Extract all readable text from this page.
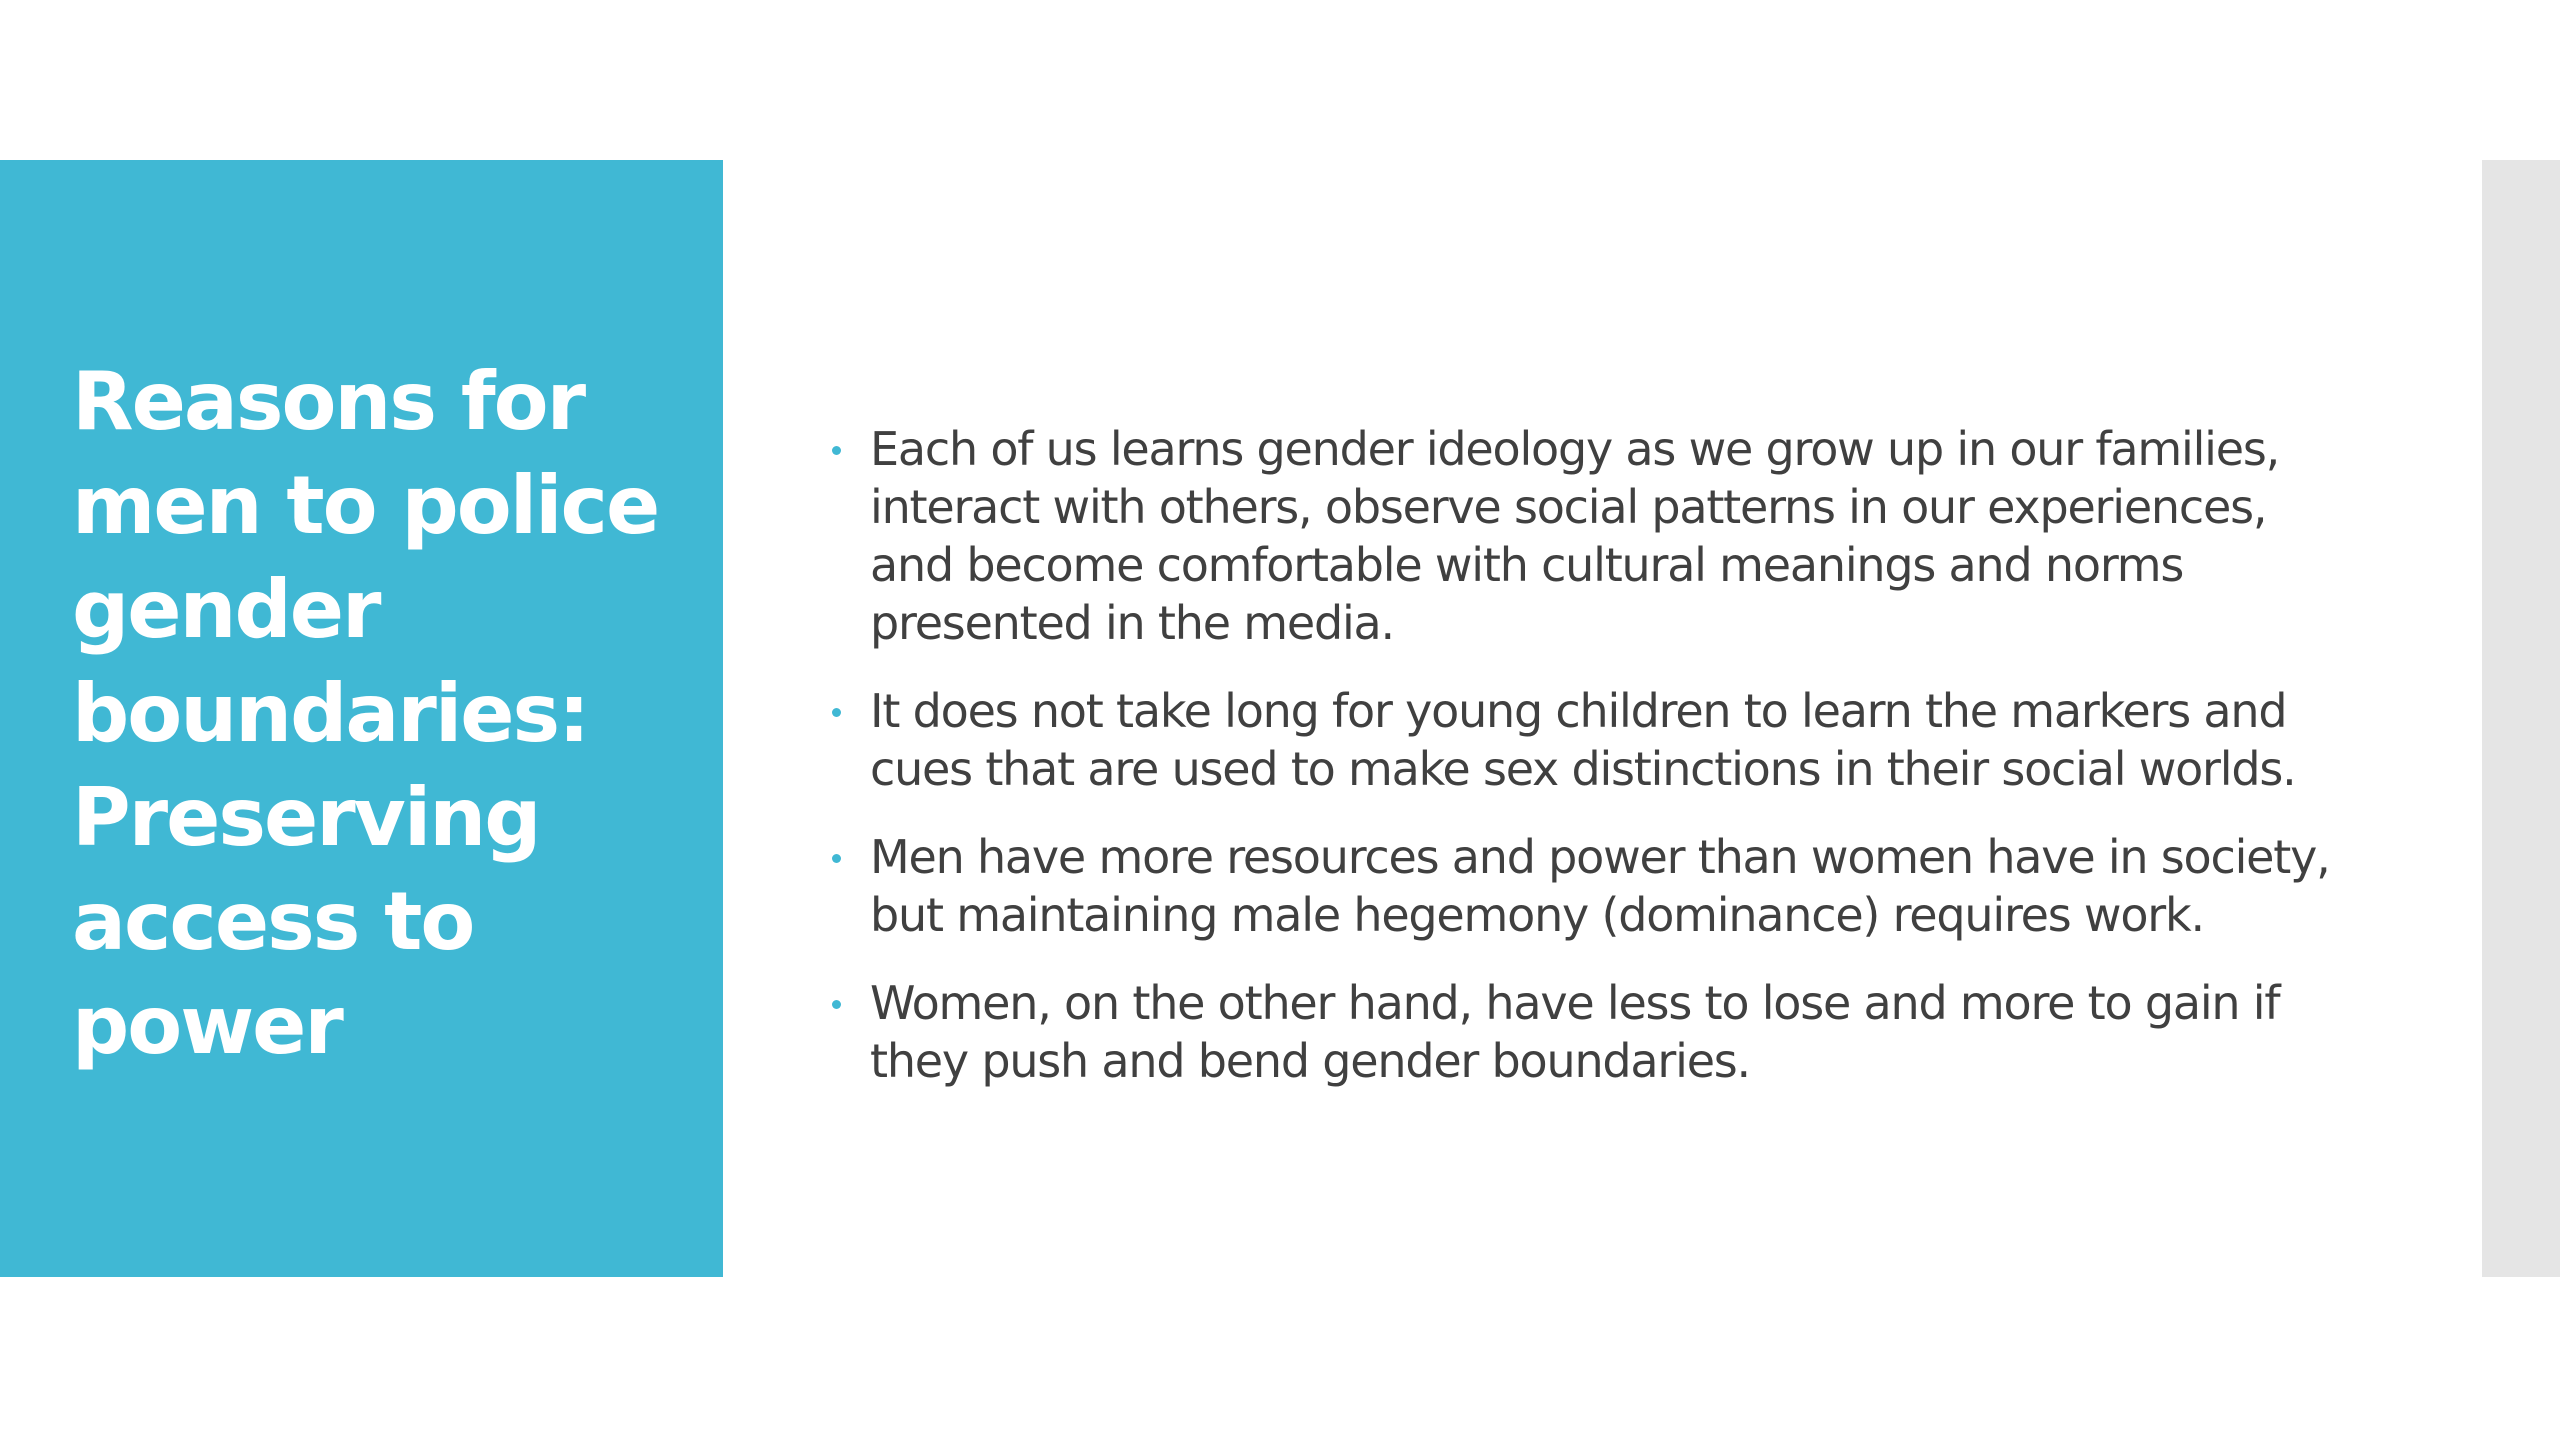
Reasons for men to police gender boundaries: Preserving access to power
Each of us learns gender ideology as we grow up in our families, interact with others, observe social patterns in our experiences, and become comfortable with cultural meanings and norms presented in the media.
It does not take long for young children to learn the markers and cues that are used to make sex distinctions in their social worlds.
Men have more resources and power than women have in society, but maintaining male hegemony (dominance) requires work.
Women, on the other hand, have less to lose and more to gain if they push and bend gender boundaries.
